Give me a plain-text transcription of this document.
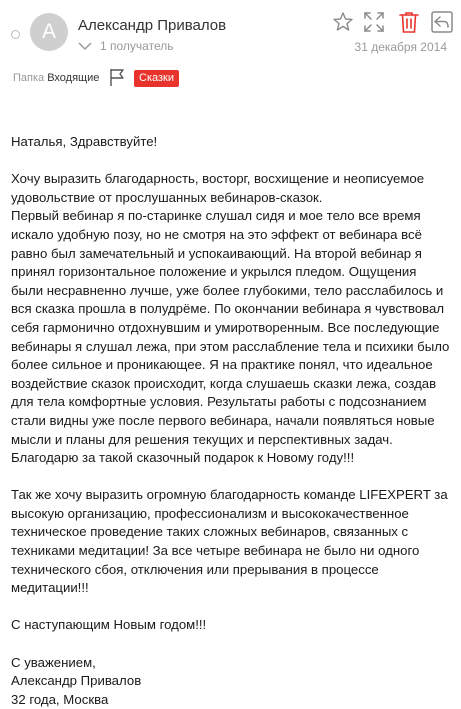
А	Александр Привалов
1 получатель	31 декабря 2014
Папка Входящие	Сказки

Наталья, Здравствуйте!

Хочу выразить благодарность, восторг, восхищение и неописуемое удовольствие от прослушанных вебинаров-сказок.

Первый вебинар я по-старинке слушал сидя и мое тело все время искало удобную позу, но не смотря на это эффект от вебинара всё равно был замечательный и успокаивающий. На второй вебинар я принял горизонтальное положение и укрылся пледом. Ощущения были несравненно лучше, уже более глубокими, тело расслабилось и вся сказка прошла в полудрёме. По окончании вебинара я чувствовал себя гармонично отдохнувшим и умиротворенным. Все последующие вебинары я слушал лежа, при этом расслабление тела и психики было более сильное и проникающее. Я на практике понял, что идеальное воздействие сказок происходит, когда слушаешь сказки лежа, создав для тела комфортные условия. Результаты работы с подсознанием стали видны уже после первого вебинара, начали появляться новые мысли и планы для решения текущих и перспективных задач. Благодарю за такой сказочный подарок к Новому году!!!

Так же хочу выразить огромную благодарность команде LIFEXPERT за высокую организацию, профессионализм и высококачественное техническое проведение таких сложных вебинаров, связанных с техниками медитации! За все четыре вебинара не было ни одного технического сбоя, отключения или прерывания в процессе медитации!!!

С наступающим Новым годом!!!

С уважением,

Александр Привалов

32 года, Москва
